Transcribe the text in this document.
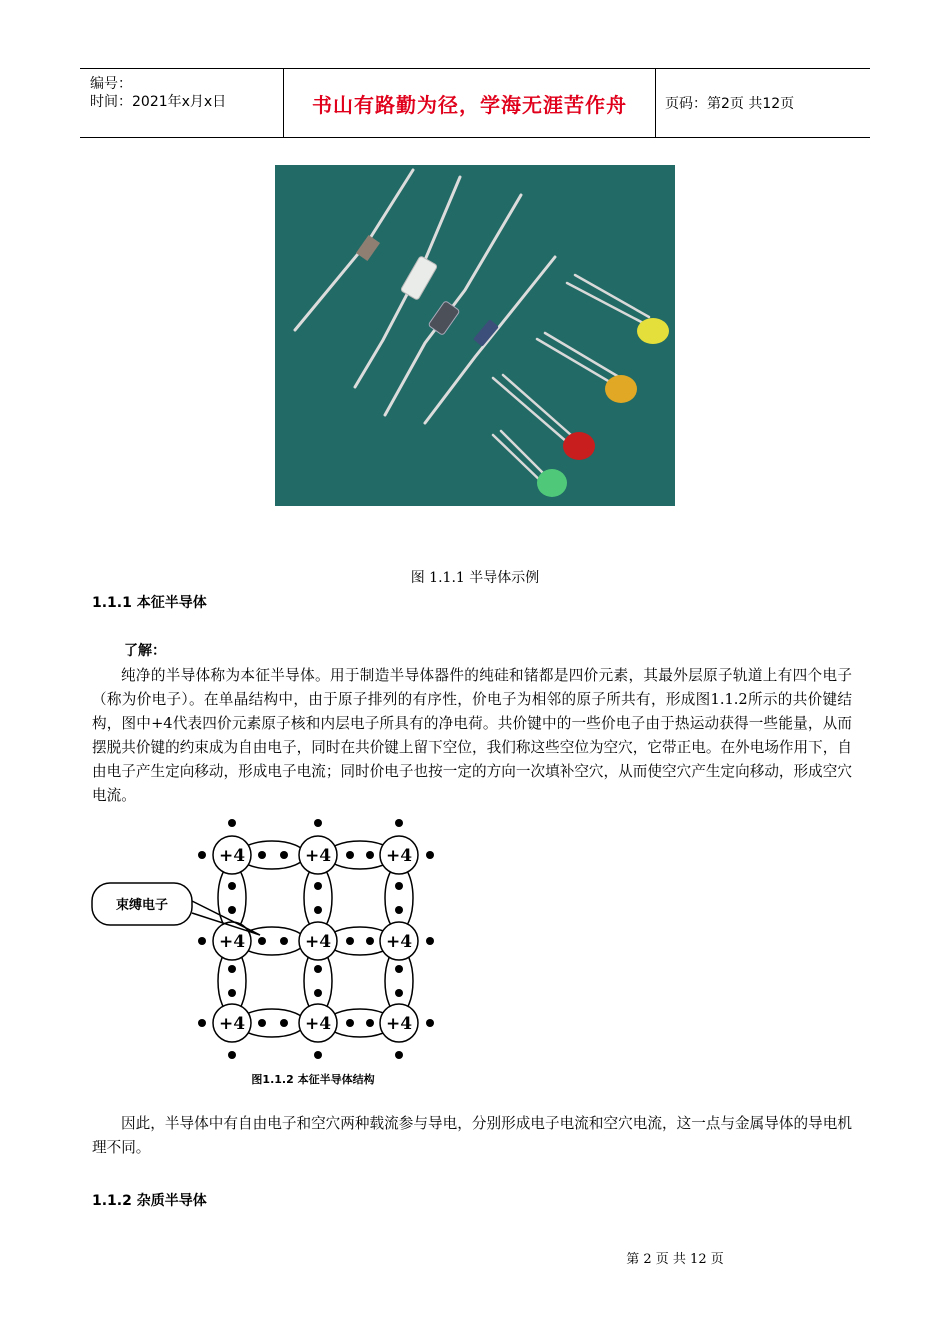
编号：
时间：2021年x月x日	书山有路勤为径，学海无涯苦作舟	页码：第2页 共12页
图 1.1.1 半导体示例
1.1.1 本征半导体
了解：

纯净的半导体称为本征半导体。用于制造半导体器件的纯硅和锗都是四价元素，其最外层原子轨道上有四个电子（称为价电子）。在单晶结构中，由于原子排列的有序性，价电子为相邻的原子所共有，形成图1.1.2所示的共价键结构，图中+4代表四价元素原子核和内层电子所具有的净电荷。共价键中的一些价电子由于热运动获得一些能量，从而摆脱共价键的约束成为自由电子，同时在共价键上留下空位，我们称这些空位为空穴，它带正电。在外电场作用下，自由电子产生定向移动，形成电子电流；同时价电子也按一定的方向一次填补空穴，从而使空穴产生定向移动，形成空穴电流。

+4	+4	+4
+4	+4	+4
+4	+4	+4
束缚电子
图1.1.2 本征半导体结构

因此，半导体中有自由电子和空穴两种载流参与导电，分别形成电子电流和空穴电流，这一点与金属导体的导电机理不同。

1.1.2 杂质半导体
第 2 页 共 12 页
